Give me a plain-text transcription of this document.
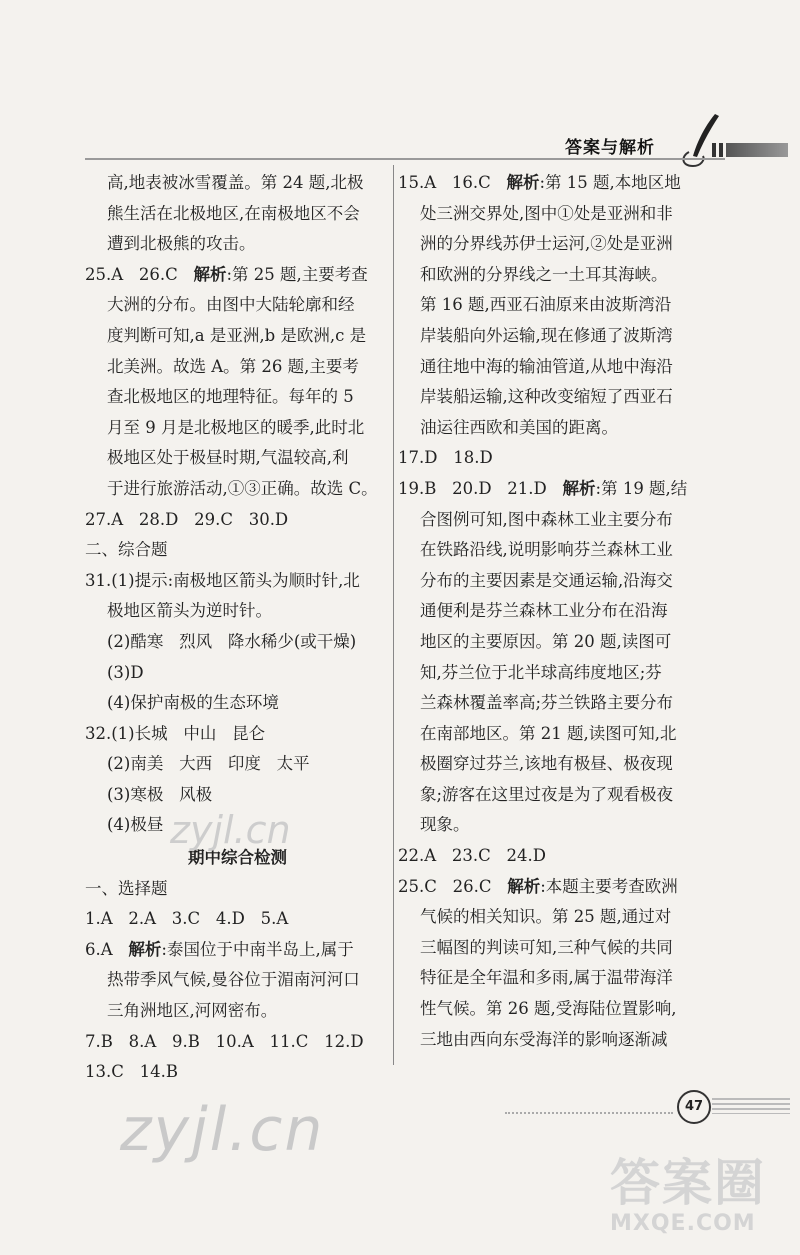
答案与解析
高,地表被冰雪覆盖。第 24 题,北极
熊生活在北极地区,在南极地区不会
遭到北极熊的攻击。
25.A   26.C   解析:第 25 题,主要考查
大洲的分布。由图中大陆轮廓和经
度判断可知,a 是亚洲,b 是欧洲,c 是
北美洲。故选 A。第 26 题,主要考
查北极地区的地理特征。每年的 5
月至 9 月是北极地区的暖季,此时北
极地区处于极昼时期,气温较高,利
于进行旅游活动,①③正确。故选 C。
27.A   28.D   29.C   30.D
二、综合题
31.(1)提示:南极地区箭头为顺时针,北
极地区箭头为逆时针。
(2)酷寒   烈风   降水稀少(或干燥)
(3)D
(4)保护南极的生态环境
32.(1)长城   中山   昆仑
(2)南美   大西   印度   太平
(3)寒极   风极
(4)极昼
期中综合检测
一、选择题
1.A   2.A   3.C   4.D   5.A
6.A   解析:泰国位于中南半岛上,属于
热带季风气候,曼谷位于湄南河河口
三角洲地区,河网密布。
7.B   8.A   9.B   10.A   11.C   12.D
13.C   14.B
15.A   16.C   解析:第 15 题,本地区地
处三洲交界处,图中①处是亚洲和非
洲的分界线苏伊士运河,②处是亚洲
和欧洲的分界线之一土耳其海峡。
第 16 题,西亚石油原来由波斯湾沿
岸装船向外运输,现在修通了波斯湾
通往地中海的输油管道,从地中海沿
岸装船运输,这种改变缩短了西亚石
油运往西欧和美国的距离。
17.D   18.D
19.B   20.D   21.D   解析:第 19 题,结
合图例可知,图中森林工业主要分布
在铁路沿线,说明影响芬兰森林工业
分布的主要因素是交通运输,沿海交
通便利是芬兰森林工业分布在沿海
地区的主要原因。第 20 题,读图可
知,芬兰位于北半球高纬度地区;芬
兰森林覆盖率高;芬兰铁路主要分布
在南部地区。第 21 题,读图可知,北
极圈穿过芬兰,该地有极昼、极夜现
象;游客在这里过夜是为了观看极夜
现象。
22.A   23.C   24.D
25.C   26.C   解析:本题主要考查欧洲
气候的相关知识。第 25 题,通过对
三幅图的判读可知,三种气候的共同
特征是全年温和多雨,属于温带海洋
性气候。第 26 题,受海陆位置影响,
三地由西向东受海洋的影响逐渐减
zyjl.cn
zyjl.cn	47
答案圈
MXQE.COM
